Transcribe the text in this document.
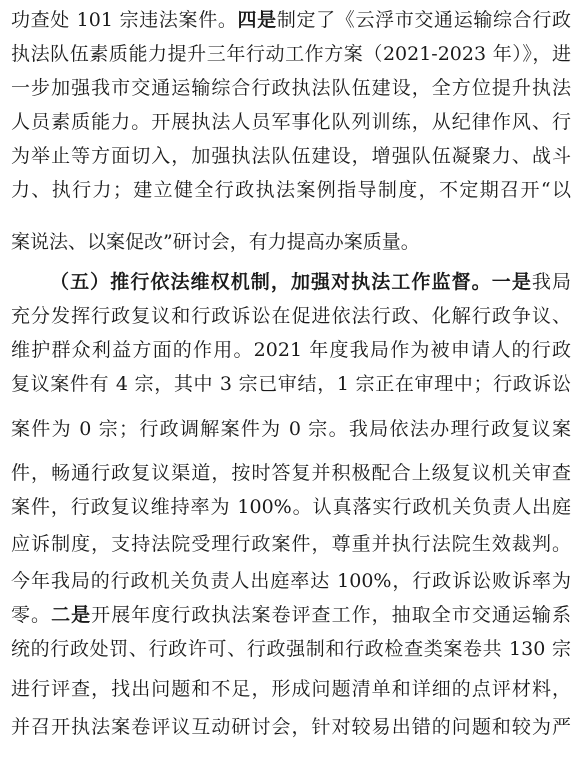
功查处 101 宗违法案件。四是制定了《云浮市交通运输综合行政
执法队伍素质能力提升三年行动工作方案（2021-2023 年）》，进
一步加强我市交通运输综合行政执法队伍建设，全方位提升执法
人员素质能力。开展执法人员军事化队列训练，从纪律作风、行
为举止等方面切入，加强执法队伍建设，增强队伍凝聚力、战斗
力、执行力；建立健全行政执法案例指导制度，不定期召开“以
案说法、以案促改”研讨会，有力提高办案质量。
（五）推行依法维权机制，加强对执法工作监督。一是我局
充分发挥行政复议和行政诉讼在促进依法行政、化解行政争议、
维护群众利益方面的作用。2021 年度我局作为被申请人的行政
复议案件有 4 宗，其中 3 宗已审结，1 宗正在审理中；行政诉讼
案件为 0 宗；行政调解案件为 0 宗。我局依法办理行政复议案
件，畅通行政复议渠道，按时答复并积极配合上级复议机关审查
案件，行政复议维持率为 100%。认真落实行政机关负责人出庭
应诉制度，支持法院受理行政案件，尊重并执行法院生效裁判。
今年我局的行政机关负责人出庭率达 100%，行政诉讼败诉率为
零。二是开展年度行政执法案卷评查工作，抽取全市交通运输系
统的行政处罚、行政许可、行政强制和行政检查类案卷共 130 宗
进行评查，找出问题和不足，形成问题清单和详细的点评材料，
并召开执法案卷评议互动研讨会，针对较易出错的问题和较为严
